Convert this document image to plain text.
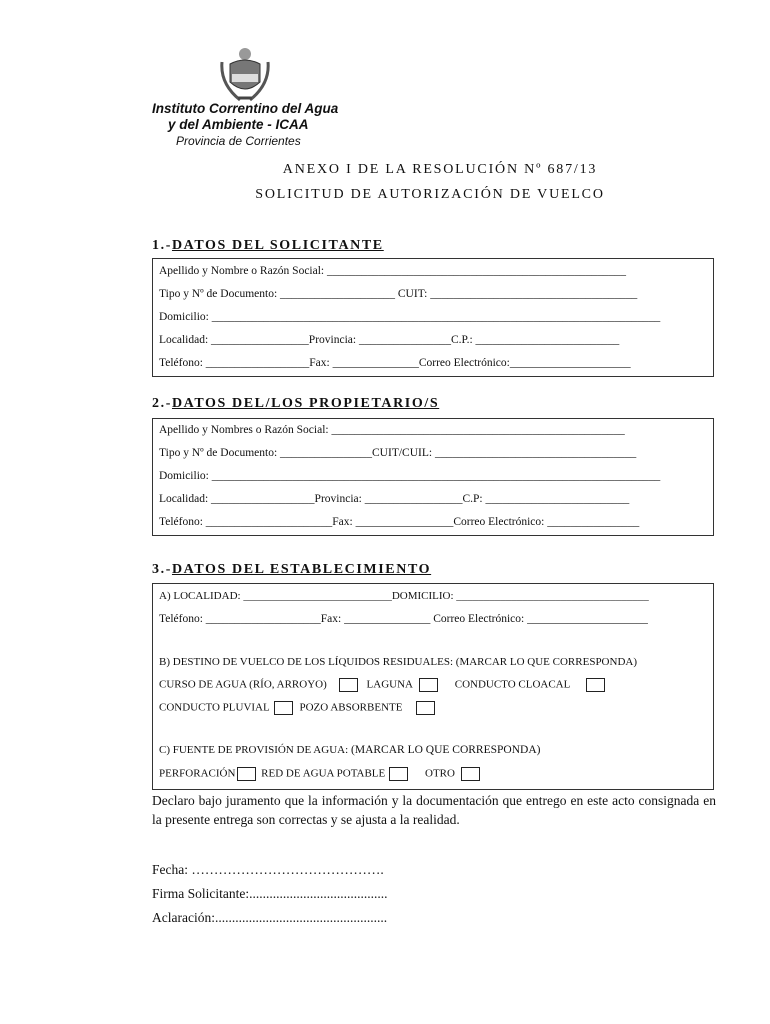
Instituto Correntino del Agua
y del Ambiente - ICAA
Provincia de Corrientes
ANEXO I DE LA RESOLUCIÓN Nº 687/13
SOLICITUD DE AUTORIZACIÓN DE VUELCO
1.-DATOS DEL SOLICITANTE
Apellido y Nombre o Razón Social: ____________________________________________________
Tipo y Nº de Documento: ____________________ CUIT: ____________________________________
Domicilio: ______________________________________________________________________________
Localidad: _________________Provincia: ________________C.P.: _________________________
Teléfono: __________________Fax: _______________Correo Electrónico:_____________________
2.-DATOS DEL/LOS PROPIETARIO/S
Apellido y Nombres o Razón Social: ___________________________________________________
Tipo y Nº de Documento: ________________CUIT/CUIL: ___________________________________
Domicilio: ______________________________________________________________________________
Localidad: __________________Provincia: _________________C.P: _________________________
Teléfono: ______________________Fax: _________________Correo Electrónico: ________________
3.-DATOS DEL ESTABLECIMIENTO
A) LOCALIDAD: ___________________________DOMICILIO: ___________________________________
Teléfono: ____________________Fax: _______________ Correo Electrónico: _____________________
B) DESTINO DE VUELCO DE LOS LÍQUIDOS RESIDUALES: (MARCAR LO QUE CORRESPONDA)
CURSO DE AGUA (RÍO, ARROYO)	LAGUNA	CONDUCTO CLOACAL
CONDUCTO PLUVIAL	POZO ABSORBENTE
C) FUENTE DE PROVISIÓN DE AGUA: (MARCAR LO QUE CORRESPONDA)
PERFORACIÓN RED DE AGUA POTABLE	OTRO
Declaro bajo juramento que la información y la documentación que entrego en este acto consignada en la presente entrega son correctas y se ajusta a la realidad.
Fecha: …………………………………….
Firma Solicitante:.........................................
Aclaración:...................................................
